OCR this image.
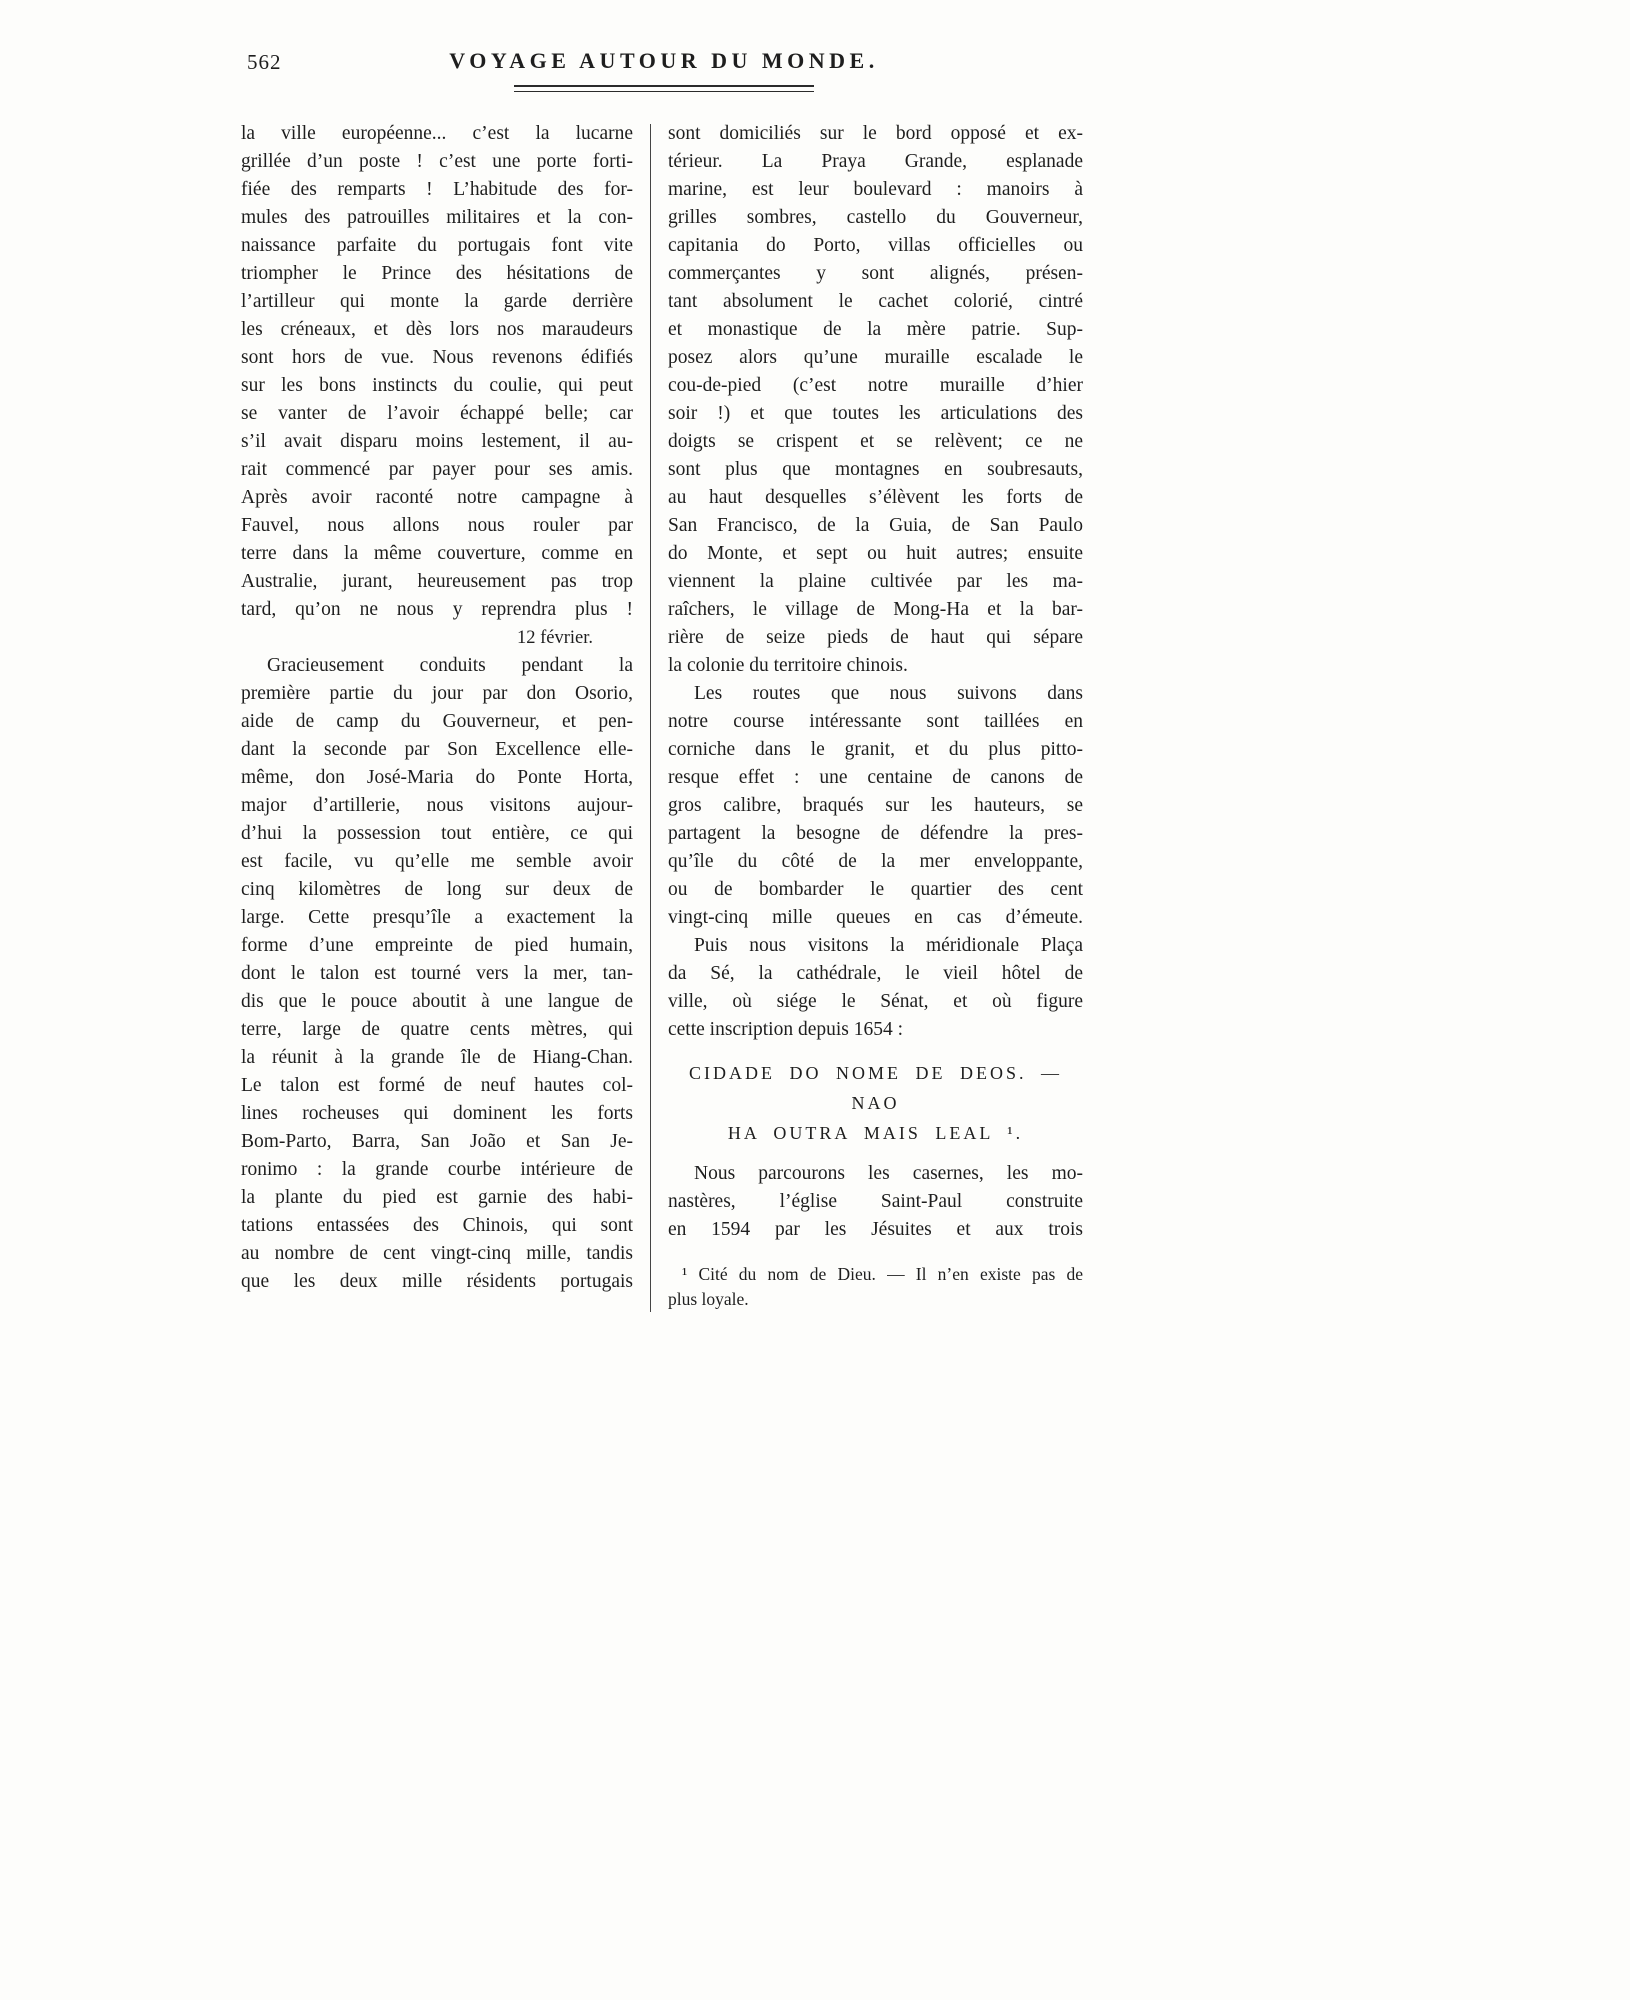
562	VOYAGE AUTOUR DU MONDE.
la ville européenne... c’est la lucarne
grillée d’un poste ! c’est une porte forti-
fiée des remparts ! L’habitude des for-
mules des patrouilles militaires et la con-
naissance parfaite du portugais font vite
triompher le Prince des hésitations de
l’artilleur qui monte la garde derrière
les créneaux, et dès lors nos maraudeurs
sont hors de vue. Nous revenons édifiés
sur les bons instincts du coulie, qui peut
se vanter de l’avoir échappé belle; car
s’il avait disparu moins lestement, il au-
rait commencé par payer pour ses amis.
Après avoir raconté notre campagne à
Fauvel, nous allons nous rouler par
terre dans la même couverture, comme en
Australie, jurant, heureusement pas trop
tard, qu’on ne nous y reprendra plus !
12 février.
Gracieusement conduits pendant la
première partie du jour par don Osorio,
aide de camp du Gouverneur, et pen-
dant la seconde par Son Excellence elle-
même, don José-Maria do Ponte Horta,
major d’artillerie, nous visitons aujour-
d’hui la possession tout entière, ce qui
est facile, vu qu’elle me semble avoir
cinq kilomètres de long sur deux de
large. Cette presqu’île a exactement la
forme d’une empreinte de pied humain,
dont le talon est tourné vers la mer, tan-
dis que le pouce aboutit à une langue de
terre, large de quatre cents mètres, qui
la réunit à la grande île de Hiang-Chan.
Le talon est formé de neuf hautes col-
lines rocheuses qui dominent les forts
Bom-Parto, Barra, San João et San Je-
ronimo : la grande courbe intérieure de
la plante du pied est garnie des habi-
tations entassées des Chinois, qui sont
au nombre de cent vingt-cinq mille, tandis
que les deux mille résidents portugais
sont domiciliés sur le bord opposé et ex-
térieur. La Praya Grande, esplanade
marine, est leur boulevard : manoirs à
grilles sombres, castello du Gouverneur,
capitania do Porto, villas officielles ou
commerçantes y sont alignés, présen-
tant absolument le cachet colorié, cintré
et monastique de la mère patrie. Sup-
posez alors qu’une muraille escalade le
cou-de-pied (c’est notre muraille d’hier
soir !) et que toutes les articulations des
doigts se crispent et se relèvent; ce ne
sont plus que montagnes en soubresauts,
au haut desquelles s’élèvent les forts de
San Francisco, de la Guia, de San Paulo
do Monte, et sept ou huit autres; ensuite
viennent la plaine cultivée par les ma-
raîchers, le village de Mong-Ha et la bar-
rière de seize pieds de haut qui sépare
la colonie du territoire chinois.
Les routes que nous suivons dans
notre course intéressante sont taillées en
corniche dans le granit, et du plus pitto-
resque effet : une centaine de canons de
gros calibre, braqués sur les hauteurs, se
partagent la besogne de défendre la pres-
qu’île du côté de la mer enveloppante,
ou de bombarder le quartier des cent
vingt-cinq mille queues en cas d’émeute.
Puis nous visitons la méridionale Plaça
da Sé, la cathédrale, le vieil hôtel de
ville, où siége le Sénat, et où figure
cette inscription depuis 1654 :
CIDADE DO NOME DE DEOS. — NAO
HA OUTRA MAIS LEAL ¹.
Nous parcourons les casernes, les mo-
nastères, l’église Saint-Paul construite
en 1594 par les Jésuites et aux trois
¹ Cité du nom de Dieu. — Il n’en existe pas de
plus loyale.
